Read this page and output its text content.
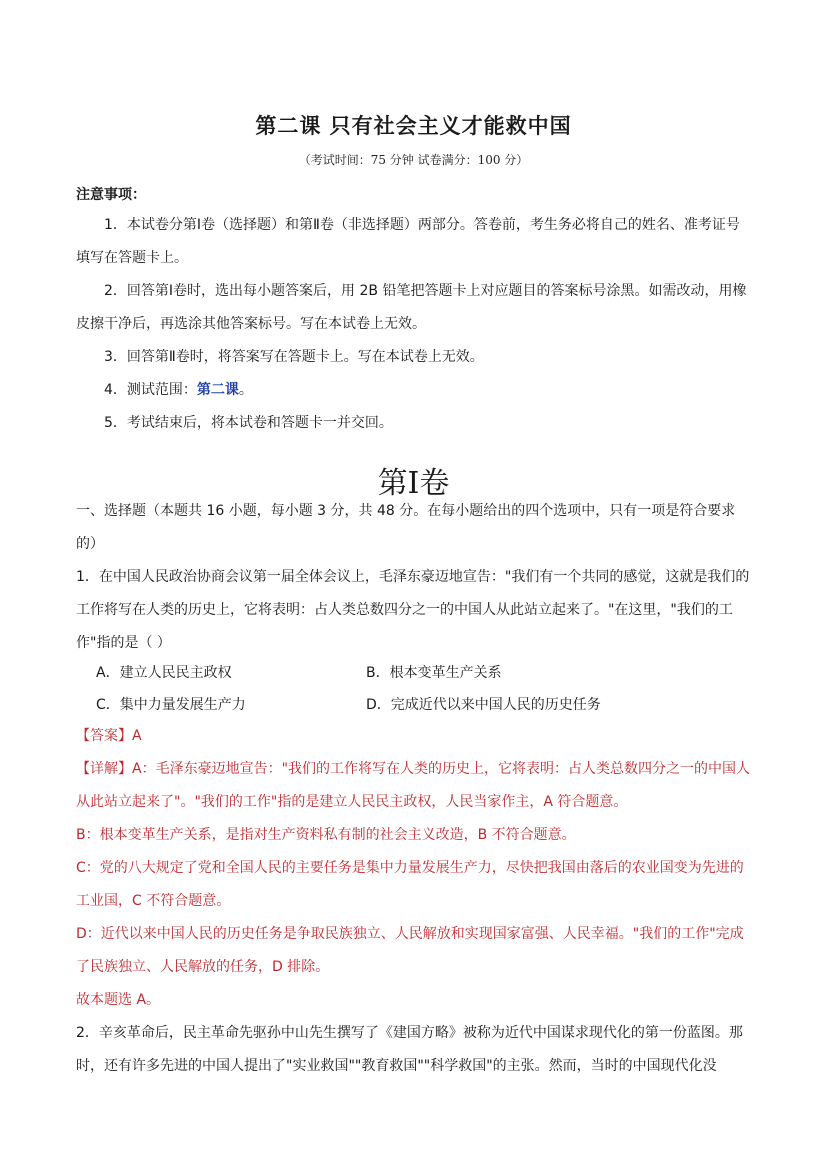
第二课 只有社会主义才能救中国
（考试时间：75 分钟 试卷满分：100 分）
注意事项：
1．本试卷分第Ⅰ卷（选择题）和第Ⅱ卷（非选择题）两部分。答卷前，考生务必将自己的姓名、准考证号填写在答题卡上。
2．回答第Ⅰ卷时，选出每小题答案后，用 2B 铅笔把答题卡上对应题目的答案标号涂黑。如需改动，用橡皮擦干净后，再选涂其他答案标号。写在本试卷上无效。
3．回答第Ⅱ卷时，将答案写在答题卡上。写在本试卷上无效。
4．测试范围：第二课。
5．考试结束后，将本试卷和答题卡一并交回。
第I卷
一、选择题（本题共 16 小题，每小题 3 分，共 48 分。在每小题给出的四个选项中，只有一项是符合要求的）
1．在中国人民政治协商会议第一届全体会议上，毛泽东豪迈地宣告："我们有一个共同的感觉，这就是我们的工作将写在人类的历史上，它将表明：占人类总数四分之一的中国人从此站立起来了。"在这里，"我们的工作"指的是（ ）
A．建立人民民主政权	B．根本变革生产关系
C．集中力量发展生产力	D．完成近代以来中国人民的历史任务
【答案】A
【详解】A：毛泽东豪迈地宣告："我们的工作将写在人类的历史上，它将表明：占人类总数四分之一的中国人从此站立起来了"。"我们的工作"指的是建立人民民主政权，人民当家作主，A 符合题意。
B：根本变革生产关系，是指对生产资料私有制的社会主义改造，B 不符合题意。
C：党的八大规定了党和全国人民的主要任务是集中力量发展生产力，尽快把我国由落后的农业国变为先进的工业国，C 不符合题意。
D：近代以来中国人民的历史任务是争取民族独立、人民解放和实现国家富强、人民幸福。"我们的工作"完成了民族独立、人民解放的任务，D 排除。
故本题选 A。
2．辛亥革命后，民主革命先驱孙中山先生撰写了《建国方略》被称为近代中国谋求现代化的第一份蓝图。那时，还有许多先进的中国人提出了"实业救国""教育救国""科学救国"的主张。然而，当时的中国现代化没
